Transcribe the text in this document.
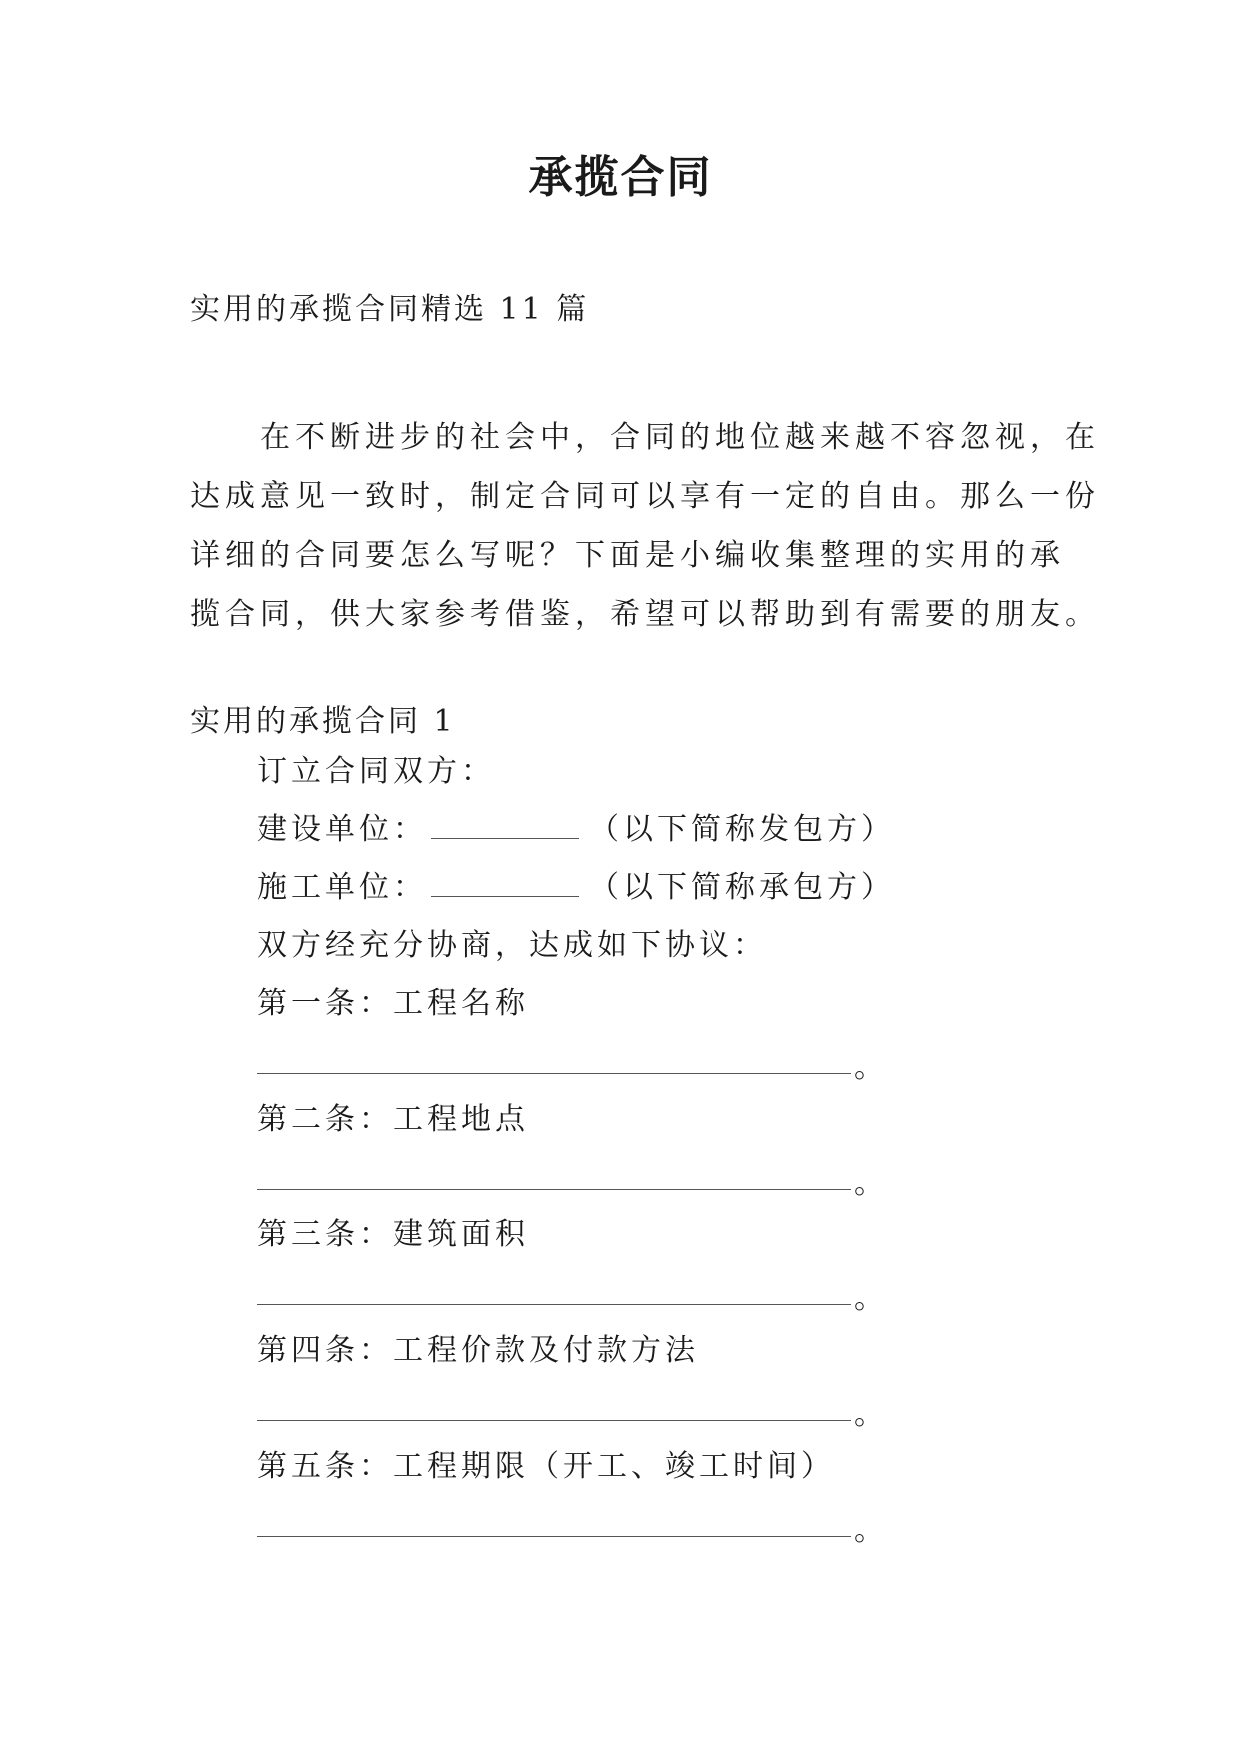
承揽合同
实用的承揽合同精选 11 篇

　　在不断进步的社会中，合同的地位越来越不容忽视，在

达成意见一致时，制定合同可以享有一定的自由。那么一份

详细的合同要怎么写呢？下面是小编收集整理的实用的承

揽合同，供大家参考借鉴，希望可以帮助到有需要的朋友。

实用的承揽合同 1
订立合同双方：
建设单位：	（以下简称发包方）
施工单位：	（以下简称承包方）
双方经充分协商，达成如下协议：
第一条：工程名称
。
第二条：工程地点
。
第三条：建筑面积
。
第四条：工程价款及付款方法
。
第五条：工程期限（开工、竣工时间）
。
